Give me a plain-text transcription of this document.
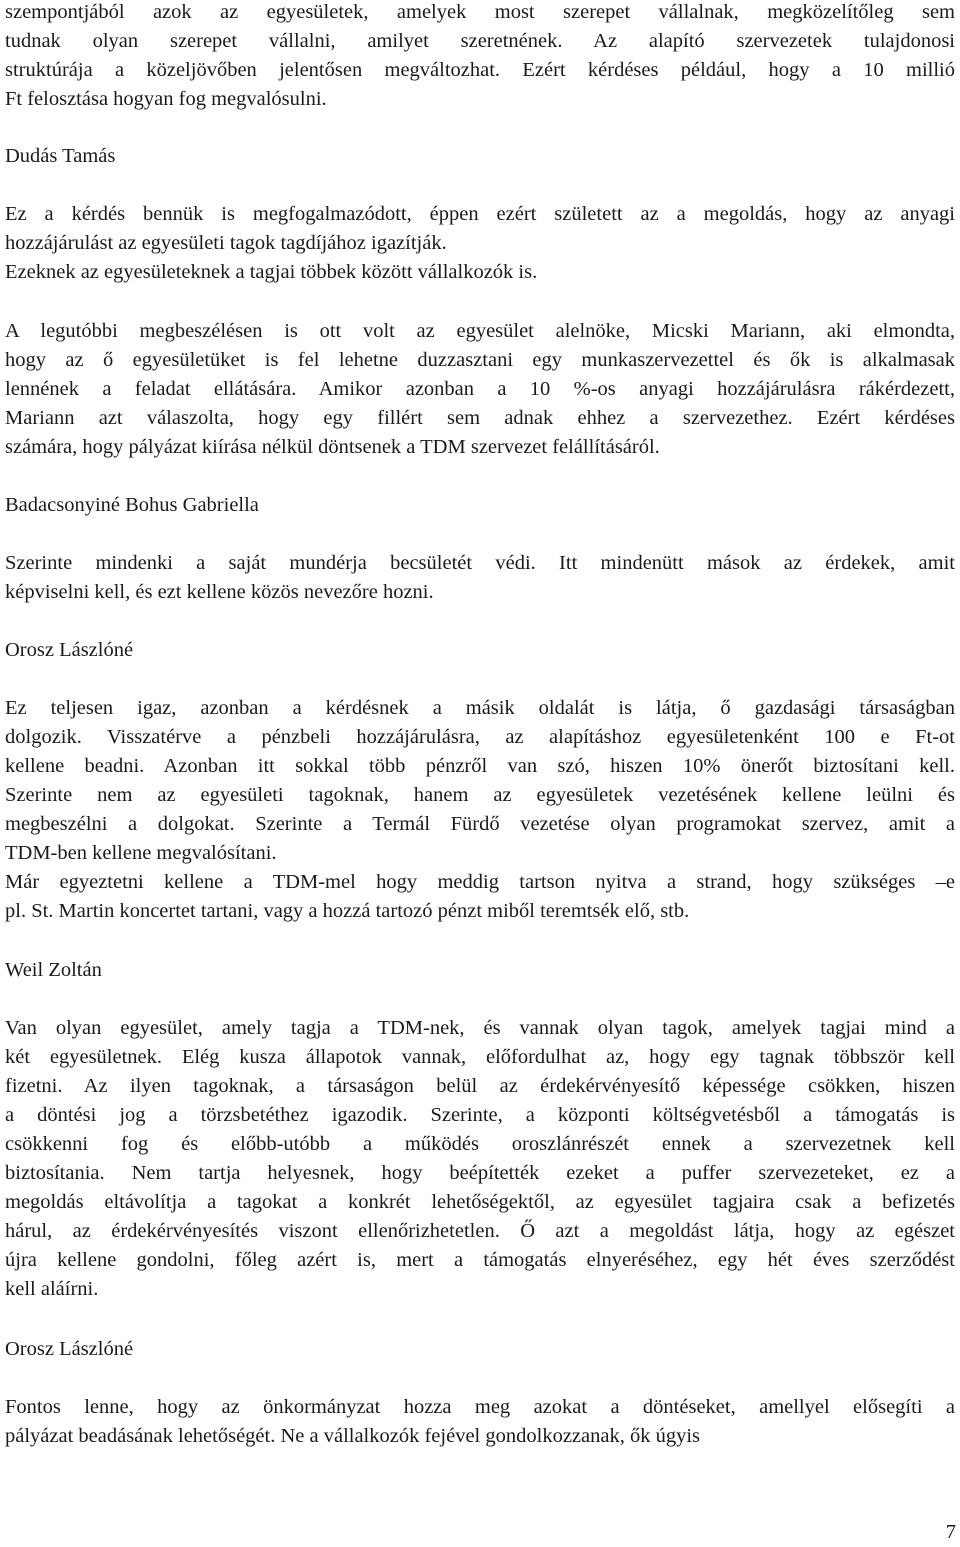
szempontjából azok az egyesületek, amelyek most szerepet vállalnak, megközelítőleg sem
tudnak olyan szerepet vállalni, amilyet szeretnének. Az alapító szervezetek tulajdonosi
struktúrája a közeljövőben jelentősen megváltozhat. Ezért kérdéses például, hogy a 10 millió
Ft felosztása hogyan fog megvalósulni.

Dudás Tamás

Ez a kérdés bennük is megfogalmazódott, éppen ezért született az a megoldás, hogy az anyagi
hozzájárulást az egyesületi tagok tagdíjához igazítják.
Ezeknek az egyesületeknek a tagjai többek között vállalkozók is.

A legutóbbi megbeszélésen is ott volt az egyesület alelnöke, Micski Mariann, aki elmondta,
hogy az ő egyesületüket is fel lehetne duzzasztani egy munkaszervezettel és ők is alkalmasak
lennének a feladat ellátására. Amikor azonban a 10 %-os anyagi hozzájárulásra rákérdezett,
Mariann azt válaszolta, hogy egy fillért sem adnak ehhez a szervezethez. Ezért kérdéses
számára, hogy pályázat kiírása nélkül döntsenek a TDM szervezet felállításáról.

Badacsonyiné Bohus Gabriella

Szerinte mindenki a saját mundérja becsületét védi. Itt mindenütt mások az érdekek, amit
képviselni kell, és ezt kellene közös nevezőre hozni.

Orosz Lászlóné

Ez teljesen igaz, azonban a kérdésnek a másik oldalát is látja, ő gazdasági társaságban
dolgozik. Visszatérve a pénzbeli hozzájárulásra, az alapításhoz egyesületenként 100 e Ft-ot
kellene beadni. Azonban itt sokkal több pénzről van szó, hiszen 10% önerőt biztosítani kell.
Szerinte nem az egyesületi tagoknak, hanem az egyesületek vezetésének kellene leülni és
megbeszélni a dolgokat. Szerinte a Termál Fürdő vezetése olyan programokat szervez, amit a
TDM-ben kellene megvalósítani.
Már egyeztetni kellene a TDM-mel hogy meddig tartson nyitva a strand, hogy szükséges –e
pl. St. Martin koncertet tartani, vagy a hozzá tartozó pénzt miből teremtsék elő, stb.

Weil Zoltán

Van olyan egyesület, amely tagja a TDM-nek, és vannak olyan tagok, amelyek tagjai mind a
két egyesületnek. Elég kusza állapotok vannak, előfordulhat az, hogy egy tagnak többször kell
fizetni. Az ilyen tagoknak, a társaságon belül az érdekérvényesítő képessége csökken, hiszen
a döntési jog a törzsbetéthez igazodik. Szerinte, a központi költségvetésből a támogatás is
csökkenni fog és előbb-utóbb a működés oroszlánrészét ennek a szervezetnek kell
biztosítania. Nem tartja helyesnek, hogy beépítették ezeket a puffer szervezeteket, ez a
megoldás eltávolítja a tagokat a konkrét lehetőségektől, az egyesület tagjaira csak a befizetés
hárul, az érdekérvényesítés viszont ellenőrizhetetlen. Ő azt a megoldást látja, hogy az egészet
újra kellene gondolni, főleg azért is, mert a támogatás elnyeréséhez, egy hét éves szerződést
kell aláírni.

Orosz Lászlóné

Fontos lenne, hogy az önkormányzat hozza meg azokat a döntéseket, amellyel elősegíti a
pályázat beadásának lehetőségét. Ne a vállalkozók fejével gondolkozzanak, ők úgyis

7
